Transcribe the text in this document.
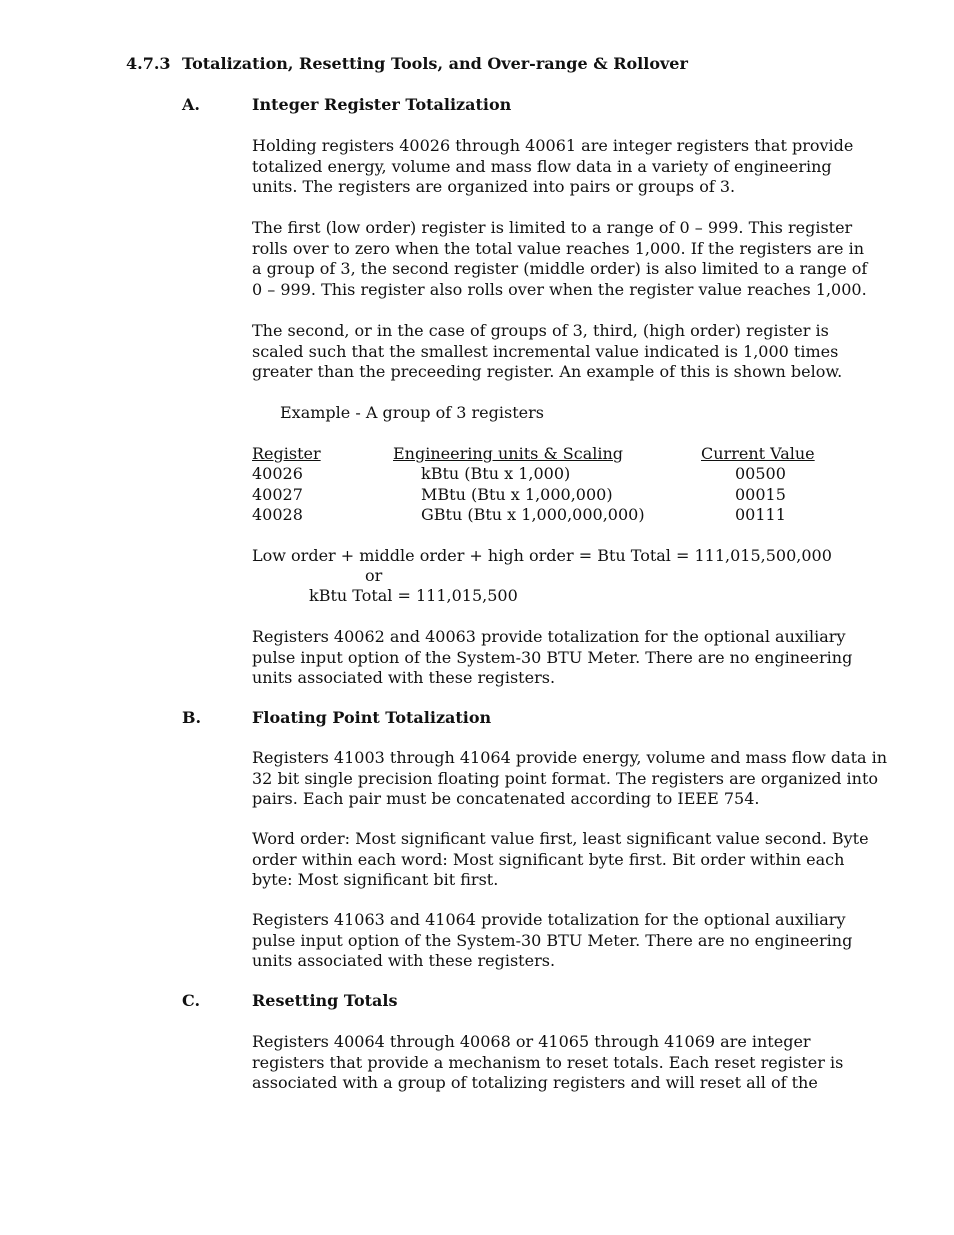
4.7.3 Totalization, Resetting Tools, and Over-range & Rollover
A.	Integer Register Totalization
Holding registers 40026 through 40061 are integer registers that provide
totalized energy, volume and mass flow data in a variety of engineering
units. The registers are organized into pairs or groups of 3.
The first (low order) register is limited to a range of 0 – 999. This register
rolls over to zero when the total value reaches 1,000. If the registers are in
a group of 3, the second register (middle order) is also limited to a range of
0 – 999. This register also rolls over when the register value reaches 1,000.
The second, or in the case of groups of 3, third, (high order) register is
scaled such that the smallest incremental value indicated is 1,000 times
greater than the preceeding register. An example of this is shown below.
Example - A group of 3 registers
Register	Engineering units & Scaling	Current Value
40026	kBtu (Btu x 1,000)	00500
40027	MBtu (Btu x 1,000,000)	00015
40028	GBtu (Btu x 1,000,000,000)	00111
Low order + middle order + high order = Btu Total = 111,015,500,000
or
kBtu Total = 111,015,500
Registers 40062 and 40063 provide totalization for the optional auxiliary
pulse input option of the System-30 BTU Meter. There are no engineering
units associated with these registers.
B.	Floating Point Totalization
Registers 41003 through 41064 provide energy, volume and mass flow data in
32 bit single precision floating point format. The registers are organized into
pairs. Each pair must be concatenated according to IEEE 754.
Word order: Most significant value first, least significant value second. Byte
order within each word: Most significant byte first. Bit order within each
byte: Most significant bit first.
Registers 41063 and 41064 provide totalization for the optional auxiliary
pulse input option of the System-30 BTU Meter. There are no engineering
units associated with these registers.
C.	Resetting Totals
Registers 40064 through 40068 or 41065 through 41069 are integer
registers that provide a mechanism to reset totals. Each reset register is
associated with a group of totalizing registers and will reset all of the
